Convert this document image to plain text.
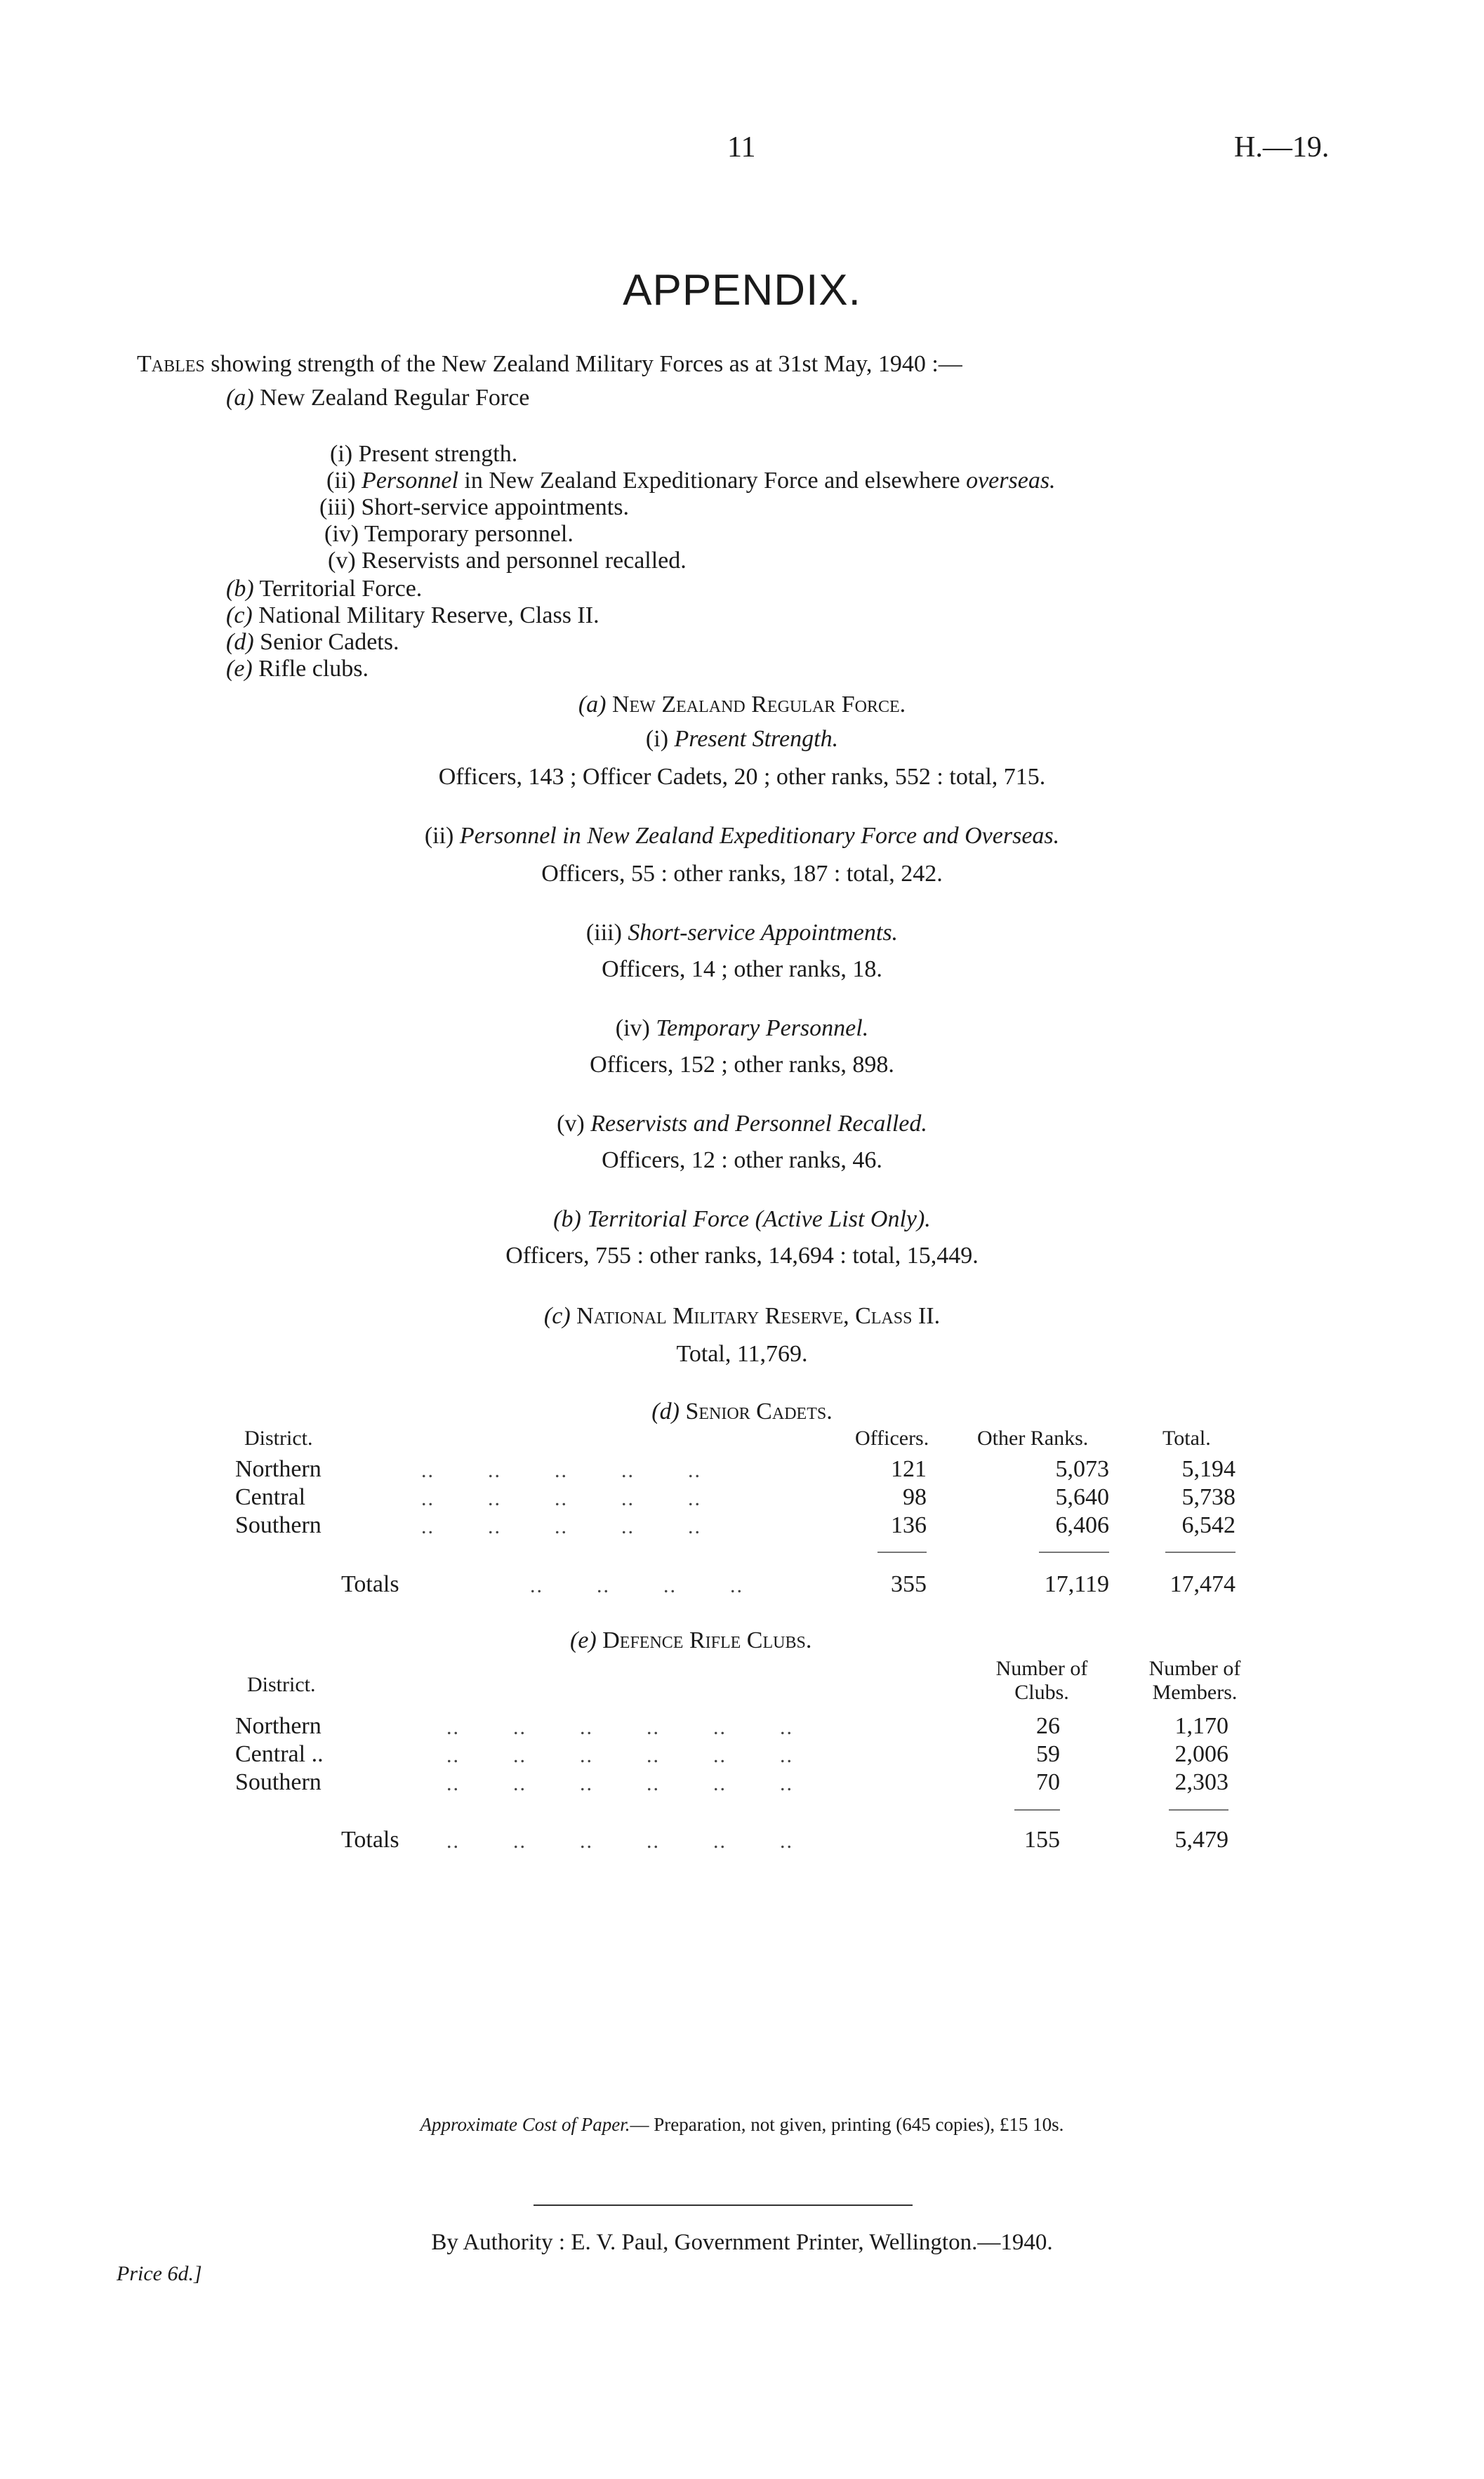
11	H.—19.
APPENDIX.
Tables showing strength of the New Zealand Military Forces as at 31st May, 1940 :—
(a) New Zealand Regular Force
(i) Present strength.
(ii) Personnel in New Zealand Expeditionary Force and elsewhere overseas.
(iii) Short-service appointments.
(iv) Temporary personnel.
(v) Reservists and personnel recalled.
(b) Territorial Force.
(c) National Military Reserve, Class II.
(d) Senior Cadets.
(e) Rifle clubs.
(a) New Zealand Regular Force.
(i) Present Strength.
Officers, 143 ; Officer Cadets, 20 ; other ranks, 552 : total, 715.
(ii) Personnel in New Zealand Expeditionary Force and Overseas.
Officers, 55 : other ranks, 187 : total, 242.
(iii) Short-service Appointments.
Officers, 14 ; other ranks, 18.
(iv) Temporary Personnel.
Officers, 152 ; other ranks, 898.
(v) Reservists and Personnel Recalled.
Officers, 12 : other ranks, 46.
(b) Territorial Force (Active List Only).
Officers, 755 : other ranks, 14,694 : total, 15,449.
(c) National Military Reserve, Class II.
Total, 11,769.
(d) Senior Cadets.
District.	Officers. Other Ranks.	Total.
Northern	..        ..        ..        ..        ..	121	5,073	5,194
Central	..        ..        ..        ..        ..	98	5,640	5,738
Southern	..        ..        ..        ..        ..	136	6,406	6,542
Totals	..        ..        ..        ..	355	17,119	17,474
(e) Defence Rifle Clubs.
District.
Number of
Clubs.
Number of
Members.
Northern	..        ..        ..        ..        ..        ..	26	1,170
Central ..	..        ..        ..        ..        ..        ..	59	2,006
Southern	..        ..        ..        ..        ..        ..	70	2,303
Totals ..        ..        ..        ..        ..        ..	155	5,479
Approximate Cost of Paper.— Preparation, not given, printing (645 copies), £15 10s.
By Authority : E. V. Paul, Government Printer, Wellington.—1940.
Price 6d.]
